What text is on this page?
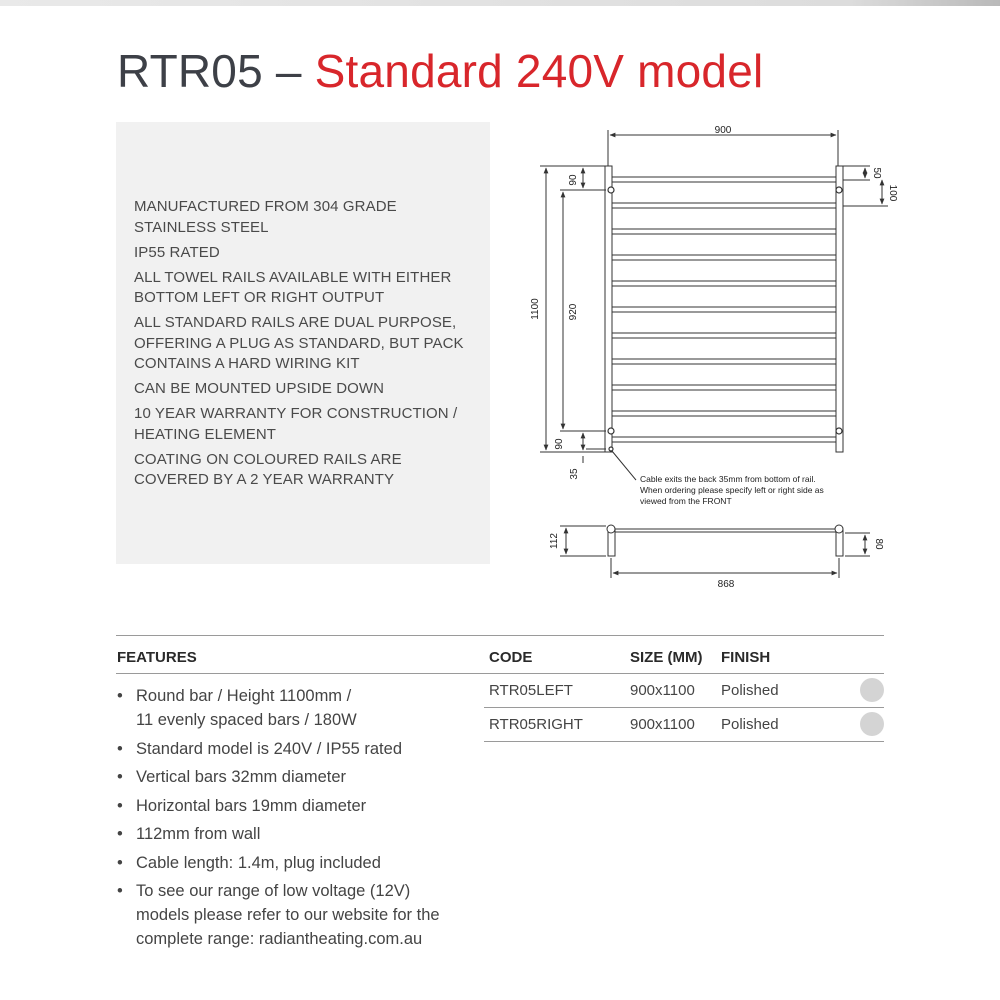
RTR05 – Standard 240V model
MANUFACTURED FROM 304 GRADE STAINLESS STEEL
IP55 RATED
ALL TOWEL RAILS AVAILABLE WITH EITHER BOTTOM LEFT OR RIGHT OUTPUT
ALL STANDARD RAILS ARE DUAL PURPOSE, OFFERING A PLUG AS STANDARD, BUT PACK CONTAINS A HARD WIRING KIT
CAN BE MOUNTED UPSIDE DOWN
10 YEAR WARRANTY FOR CONSTRUCTION / HEATING ELEMENT
COATING ON COLOURED RAILS ARE COVERED BY A 2 YEAR WARRANTY
900
1100	920
90
90
35
50
100
Cable exits the back 35mm from bottom of rail.
When ordering please specify left or right side as
viewed from the FRONT
112	80
868
FEATURES	CODE	SIZE (MM) FINISH
• Round bar / Height 1100mm /
11 evenly spaced bars / 180W
• Standard model is 240V / IP55 rated
• Vertical bars 32mm diameter
• Horizontal bars 19mm diameter
• 112mm from wall
• Cable length: 1.4m, plug included
• To see our range of low voltage (12V)
models please refer to our website for the
complete range: radiantheating.com.au
RTR05LEFT	900x1100 Polished
RTR05RIGHT	900x1100 Polished
